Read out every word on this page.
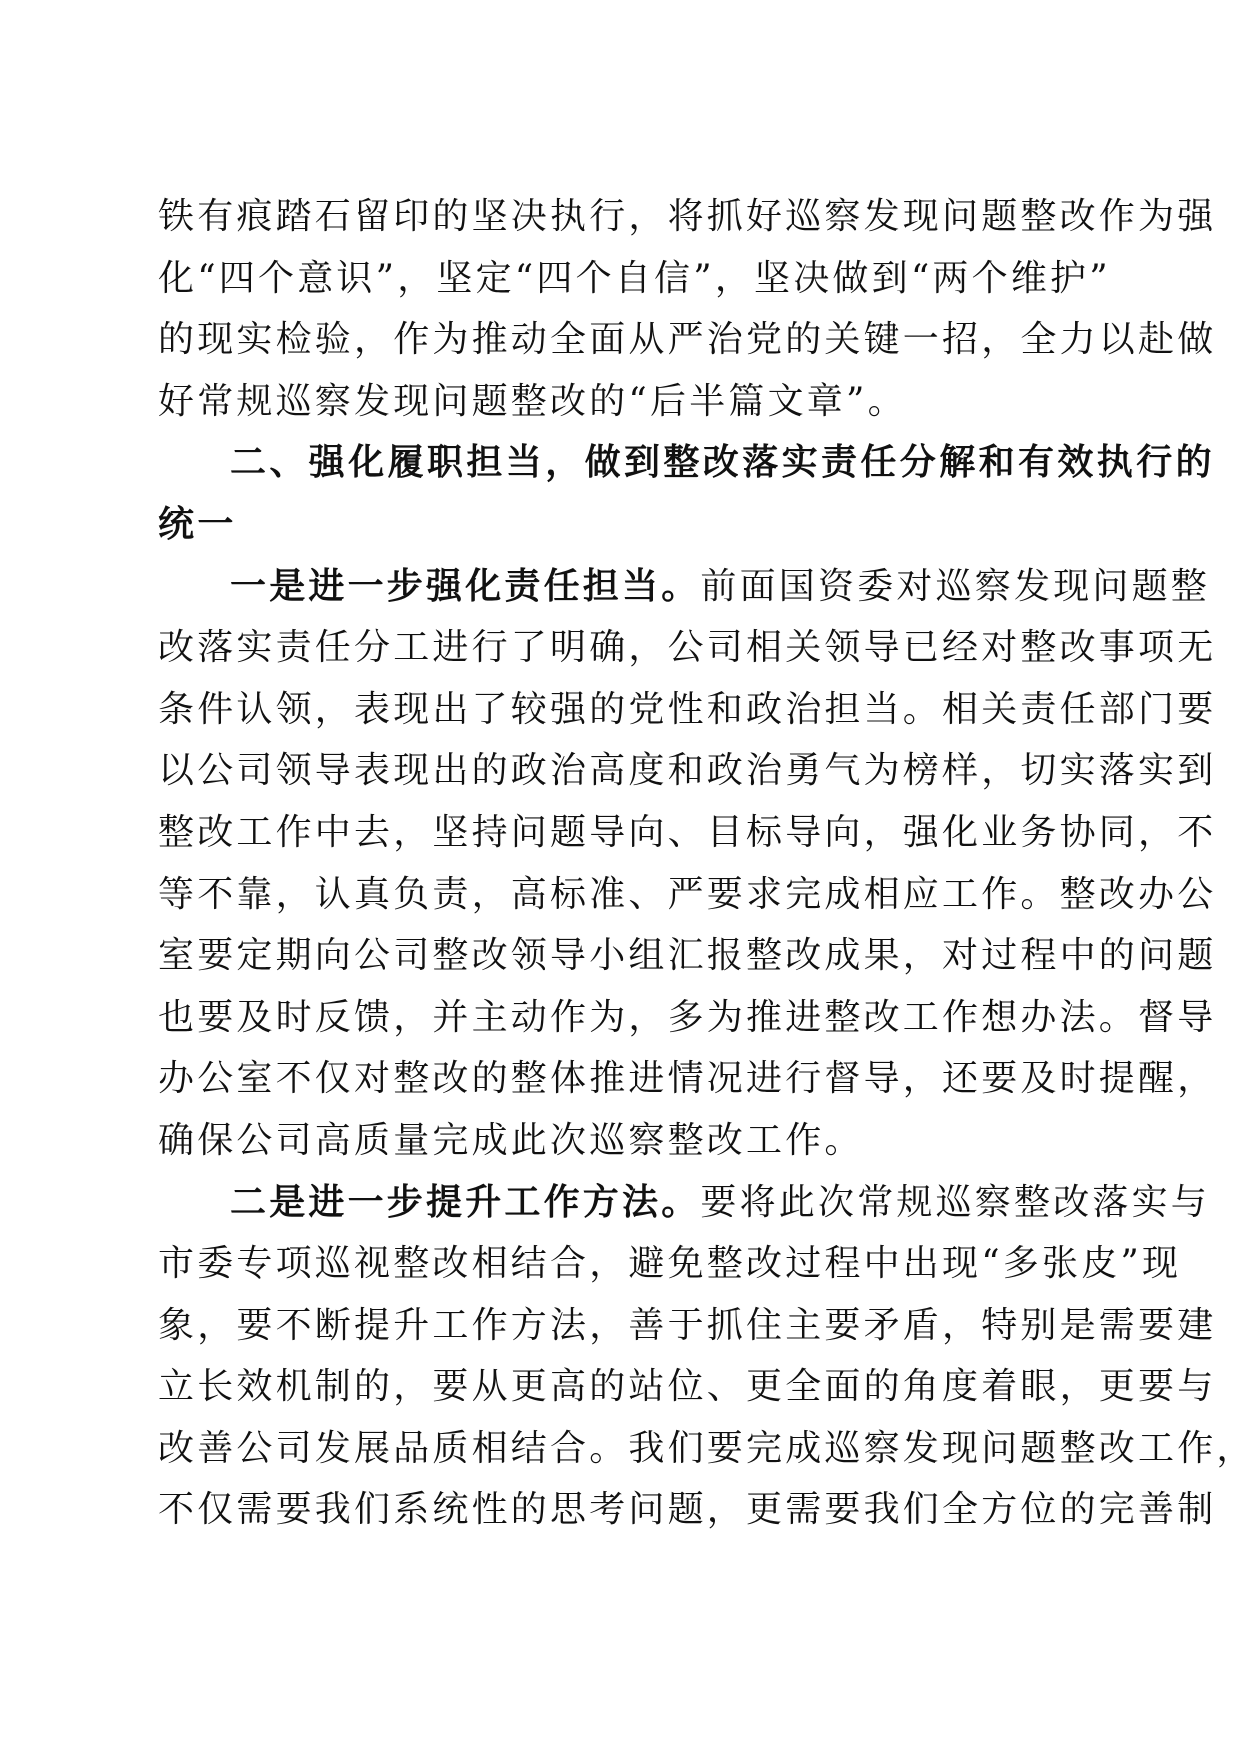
铁有痕踏石留印的坚决执行，将抓好巡察发现问题整改作为强
化“四个意识”，坚定“四个自信”，坚决做到“两个维护”
的现实检验，作为推动全面从严治党的关键一招，全力以赴做
好常规巡察发现问题整改的“后半篇文章”。
二、强化履职担当，做到整改落实责任分解和有效执行的
统一
一是进一步强化责任担当。前面国资委对巡察发现问题整
改落实责任分工进行了明确，公司相关领导已经对整改事项无
条件认领，表现出了较强的党性和政治担当。相关责任部门要
以公司领导表现出的政治高度和政治勇气为榜样，切实落实到
整改工作中去，坚持问题导向、目标导向，强化业务协同，不
等不靠，认真负责，高标准、严要求完成相应工作。整改办公
室要定期向公司整改领导小组汇报整改成果，对过程中的问题
也要及时反馈，并主动作为，多为推进整改工作想办法。督导
办公室不仅对整改的整体推进情况进行督导，还要及时提醒，
确保公司高质量完成此次巡察整改工作。
二是进一步提升工作方法。要将此次常规巡察整改落实与
市委专项巡视整改相结合，避免整改过程中出现“多张皮”现
象，要不断提升工作方法，善于抓住主要矛盾，特别是需要建
立长效机制的，要从更高的站位、更全面的角度着眼，更要与
改善公司发展品质相结合。我们要完成巡察发现问题整改工作，
不仅需要我们系统性的思考问题，更需要我们全方位的完善制
